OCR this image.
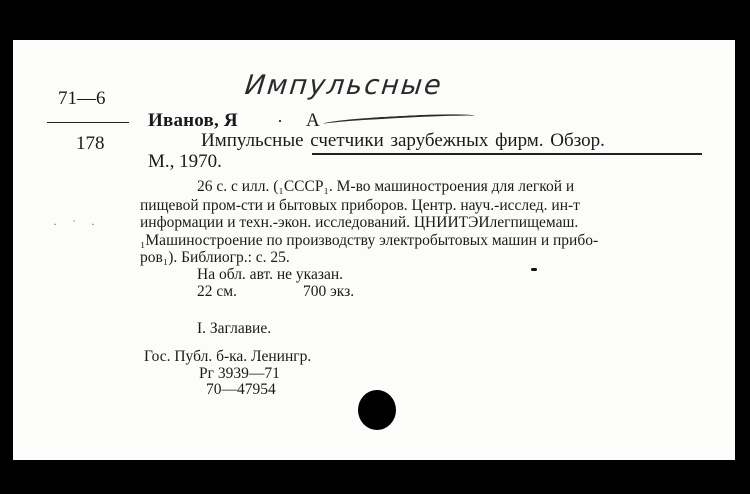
71—6
178
Импульсные
Иванов, Я · А
Импульсные счетчики зарубежных фирм. Обзор.
М., 1970.
26 с. с илл. (₁СССР₁. М-во машиностроения для легкой и
пищевой пром-сти и бытовых приборов. Центр. науч.-исслед. ин-т
информации и техн.-экон. исследований. ЦНИИТЭИлегпищемаш.
₁Машиностроение по производству электробытовых машин и прибо-
ров₁). Библиогр.: с. 25.
На обл. авт. не указан.
22 см.	700 экз.
I. Заглавие.
Гос. Публ. б-ка. Ленингр.
Рг 3939—71
70—47954
· ˙ ·
